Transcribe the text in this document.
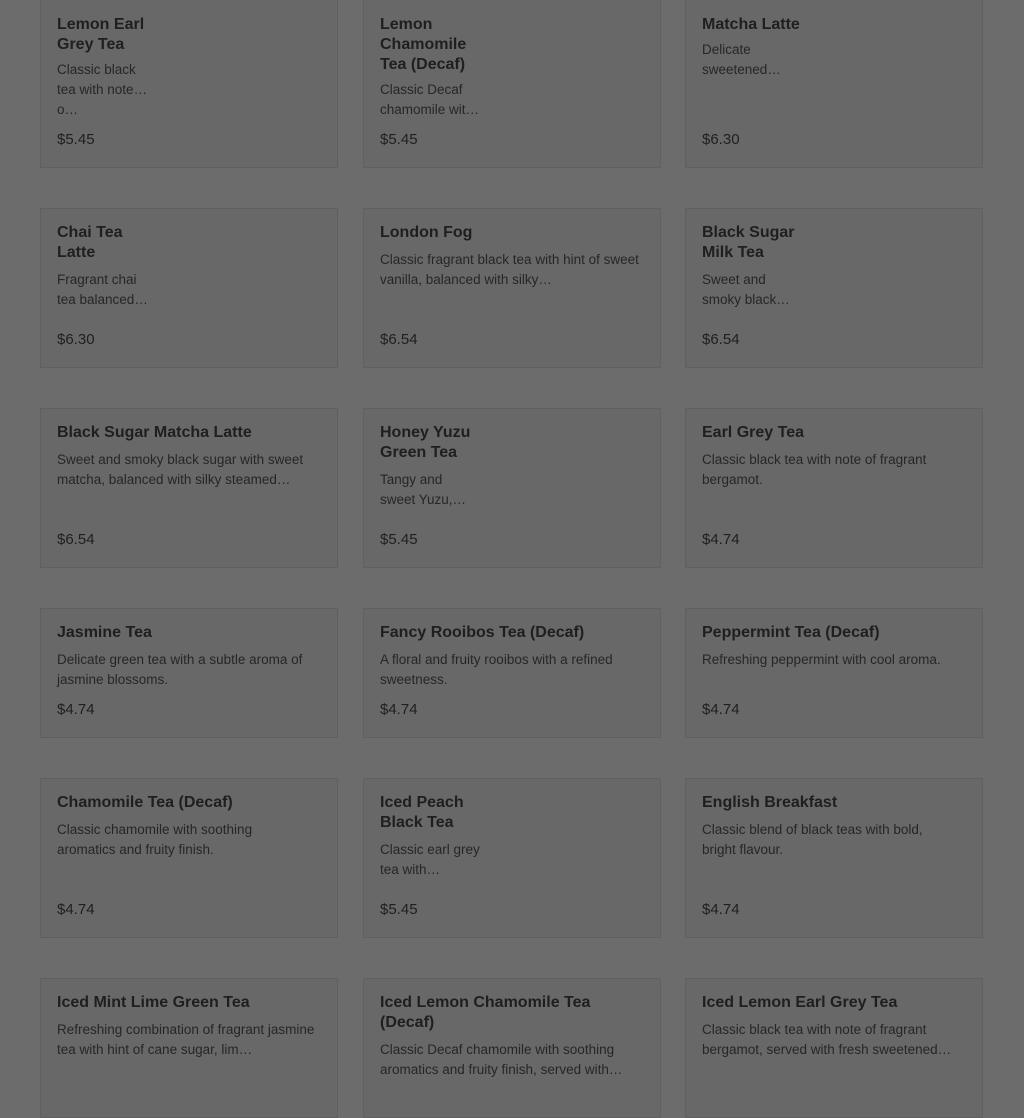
Lemon Earl Grey Tea
Classic black tea with note o…
$5.45
Lemon Chamomile Tea (Decaf)
Classic Decaf chamomile wit…
$5.45
Matcha Latte
Delicate sweetened…
$6.30
Chai Tea Latte
Fragrant chai tea balanced…
$6.30
London Fog
Classic fragrant black tea with hint of sweet vanilla, balanced with silky…
$6.54
Black Sugar Milk Tea
Sweet and smoky black…
$6.54
Black Sugar Matcha Latte
Sweet and smoky black sugar with sweet matcha, balanced with silky steamed…
$6.54
Honey Yuzu Green Tea
Tangy and sweet Yuzu,…
$5.45
Earl Grey Tea
Classic black tea with note of fragrant bergamot.
$4.74
Jasmine Tea
Delicate green tea with a subtle aroma of jasmine blossoms.
$4.74
Fancy Rooibos Tea (Decaf)
A floral and fruity rooibos with a refined sweetness.
$4.74
Peppermint Tea (Decaf)
Refreshing peppermint with cool aroma.
$4.74
Chamomile Tea (Decaf)
Classic chamomile with soothing aromatics and fruity finish.
$4.74
Iced Peach Black Tea
Classic earl grey tea with…
$5.45
English Breakfast
Classic blend of black teas with bold, bright flavour.
$4.74
Iced Mint Lime Green Tea
Refreshing combination of fragrant jasmine tea with hint of cane sugar, lim…
Iced Lemon Chamomile Tea (Decaf)
Classic Decaf chamomile with soothing aromatics and fruity finish, served with…
Iced Lemon Earl Grey Tea
Classic black tea with note of fragrant bergamot, served with fresh sweetened…
